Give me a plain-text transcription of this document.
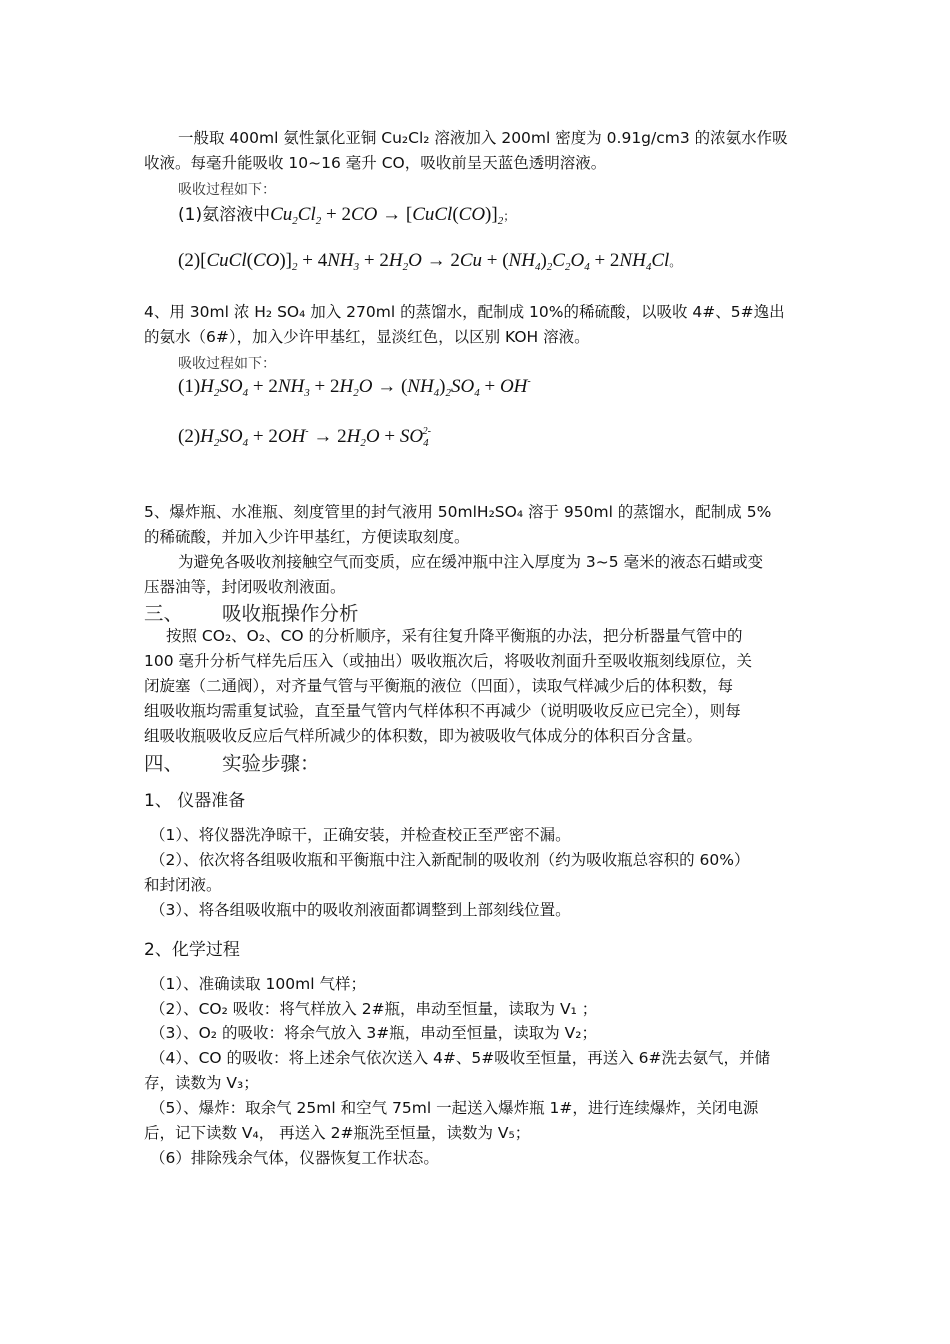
一般取 400ml 氨性氯化亚铜 Cu₂Cl₂ 溶液加入 200ml 密度为 0.91g/cm3 的浓氨水作吸
收液。每毫升能吸收 10~16 毫升 CO，吸收前呈天蓝色透明溶液。
吸收过程如下：
(1)氨溶液中$Cu_2Cl_2 + 2CO$ → $[CuCl(CO)]_2$；
$(2)[CuCl(CO)]_2 + 4NH_3 + 2H_2O \to 2Cu + (NH_4)_2C_2O_4 + 2NH_4Cl$。
4、用 30ml 浓 H₂ SO₄ 加入 270ml 的蒸馏水，配制成 10%的稀硫酸，以吸收 4#、5#逸出
的氨水（6#），加入少许甲基红，显淡红色，以区别 KOH 溶液。
吸收过程如下：
$(1)H_2SO_4 + 2NH_3 + 2H_2O \to (NH_4)_2SO_4 + OH^-$
$(2)H_2SO_4 + 2OH^- \to 2H_2O + SO_4^{2-}$
5、爆炸瓶、水准瓶、刻度管里的封气液用 50mlH₂SO₄ 溶于 950ml 的蒸馏水，配制成 5%
的稀硫酸，并加入少许甲基红，方便读取刻度。
为避免各吸收剂接触空气而变质，应在缓冲瓶中注入厚度为 3~5 毫米的液态石蜡或变
压器油等，封闭吸收剂液面。
三、 吸收瓶操作分析
按照 CO₂、O₂、CO 的分析顺序，采有往复升降平衡瓶的办法，把分析器量气管中的
100 毫升分析气样先后压入（或抽出）吸收瓶次后，将吸收剂面升至吸收瓶刻线原位，关
闭旋塞（二通阀），对齐量气管与平衡瓶的液位（凹面），读取气样减少后的体积数，每
组吸收瓶均需重复试验，直至量气管内气样体积不再减少（说明吸收反应已完全），则每
组吸收瓶吸收反应后气样所减少的体积数，即为被吸收气体成分的体积百分含量。
四、 实验步骤：
1、 仪器准备
（1）、将仪器洗净晾干，正确安装，并检查校正至严密不漏。
（2）、依次将各组吸收瓶和平衡瓶中注入新配制的吸收剂（约为吸收瓶总容积的 60%）
和封闭液。
（3）、将各组吸收瓶中的吸收剂液面都调整到上部刻线位置。
2、化学过程
（1）、准确读取 100ml 气样；
（2）、CO₂ 吸收：将气样放入 2#瓶，串动至恒量，读取为 V₁ ；
（3）、O₂ 的吸收：将余气放入 3#瓶，串动至恒量，读取为 V₂；
（4）、CO 的吸收：将上述余气依次送入 4#、5#吸收至恒量，再送入 6#洗去氨气，并储
存，读数为 V₃；
（5）、爆炸：取余气 25ml 和空气 75ml 一起送入爆炸瓶 1#，进行连续爆炸，关闭电源
后，记下读数 V₄， 再送入 2#瓶洗至恒量，读数为 V₅；
（6）排除残余气体，仪器恢复工作状态。
